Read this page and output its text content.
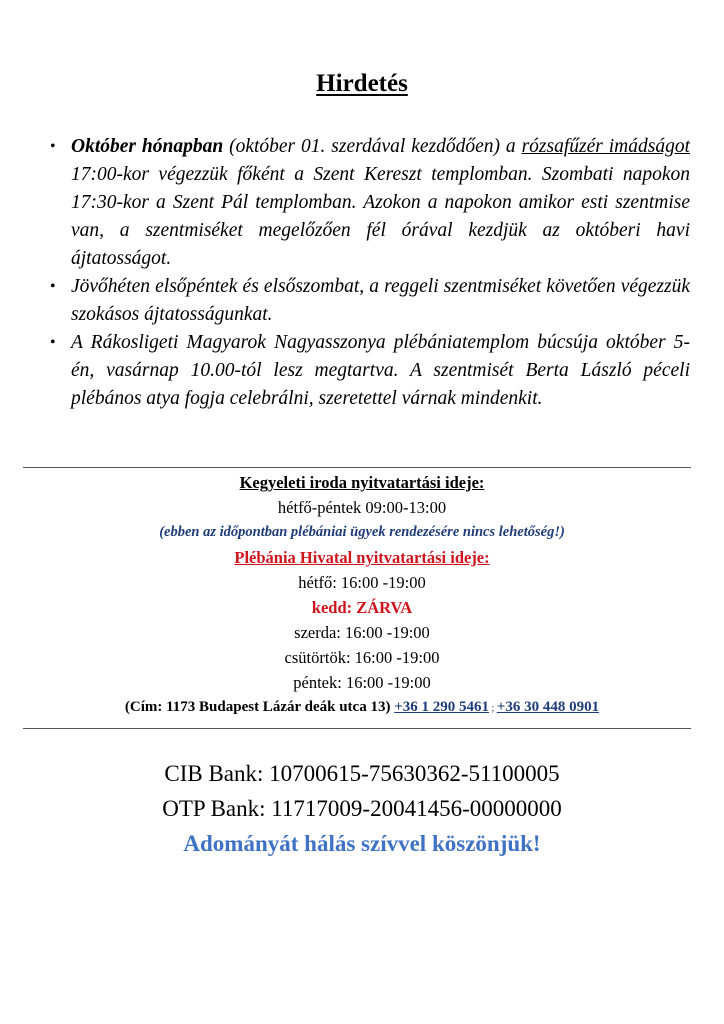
Hirdetés
• Október hónapban (október 01. szerdával kezdődően) a rózsafűzér imádságot 17:00-kor végezzük főként a Szent Kereszt templomban. Szombati napokon 17:30-kor a Szent Pál templomban. Azokon a napokon amikor esti szentmise van, a szentmiséket megelőzően fél órával kezdjük az októberi havi ájtatosságot.
• Jövőhéten elsőpéntek és elsőszombat, a reggeli szentmiséket követően végezzük szokásos ájtatosságunkat.
• A Rákosligeti Magyarok Nagyasszonya plébániatemplom búcsúja október 5-én, vasárnap 10.00-tól lesz megtartva. A szentmisét Berta László péceli plébános atya fogja celebrálni, szeretettel várnak mindenkit.
Kegyeleti iroda nyitvatartási ideje:
hétfő-péntek 09:00-13:00
(ebben az időpontban plébániai ügyek rendezésére nincs lehetőség!)
Plébánia Hivatal nyitvatartási ideje:
hétfő: 16:00 -19:00
kedd: ZÁRVA
szerda: 16:00 -19:00
csütörtök: 16:00 -19:00
péntek: 16:00 -19:00
(Cím: 1173 Budapest Lázár deák utca 13) +36 1 290 5461 ; +36 30 448 0901
CIB Bank: 10700615-75630362-51100005
OTP Bank: 11717009-20041456-00000000
Adományát hálás szívvel köszönjük!
